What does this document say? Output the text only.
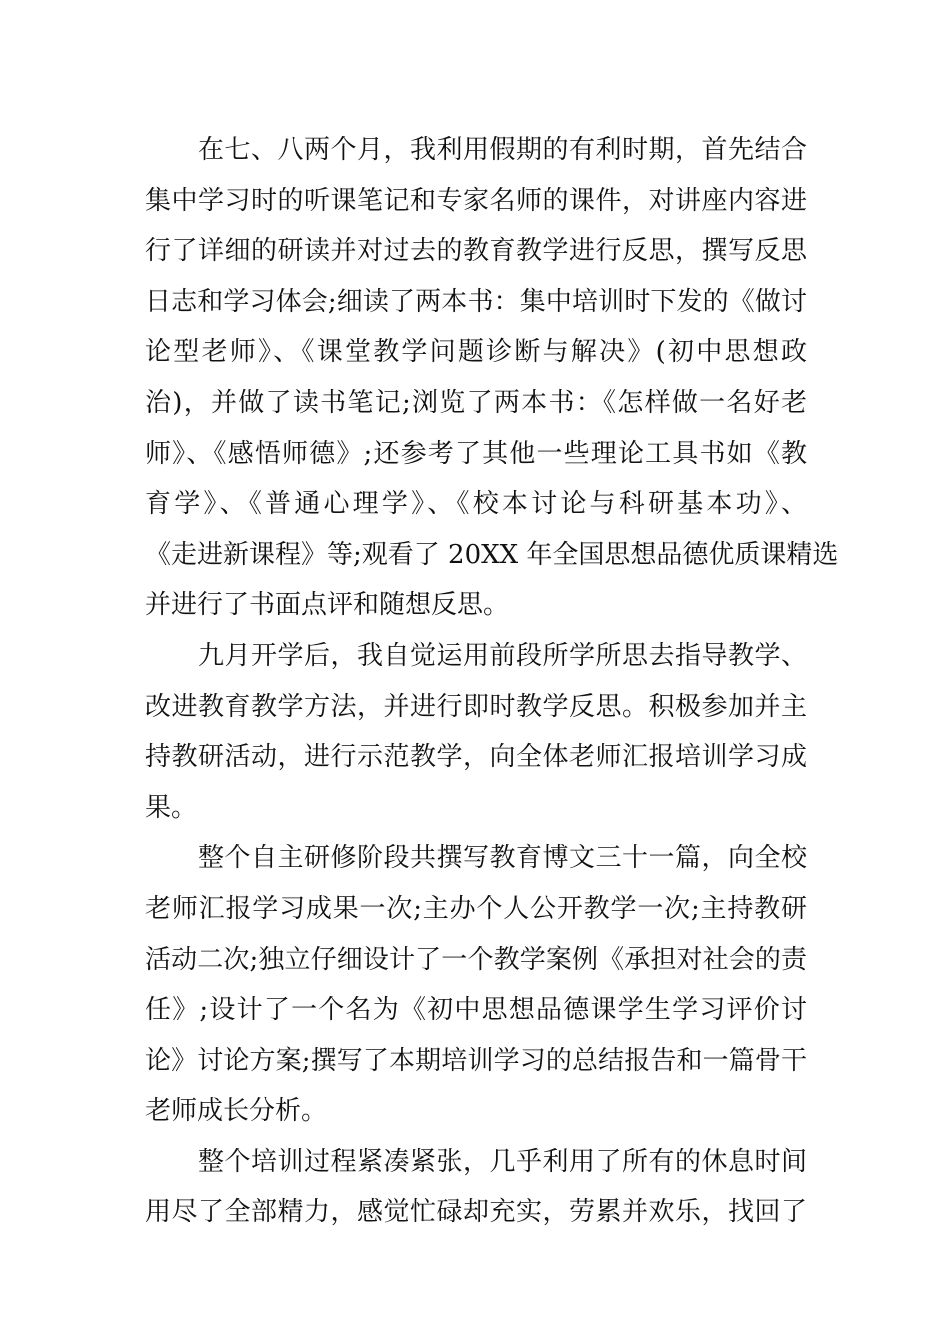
在七、八两个月，我利用假期的有利时期，首先结合
集中学习时的听课笔记和专家名师的课件，对讲座内容进
行了详细的研读并对过去的教育教学进行反思，撰写反思
日志和学习体会;细读了两本书：集中培训时下发的《做讨
论型老师》、《课堂教学问题诊断与解决》(初中思想政
治)，并做了读书笔记;浏览了两本书：《怎样做一名好老
师》、《感悟师德》;还参考了其他一些理论工具书如《教
育学》、《普通心理学》、《校本讨论与科研基本功》、
《走进新课程》等;观看了 20XX 年全国思想品德优质课精选
并进行了书面点评和随想反思。
九月开学后，我自觉运用前段所学所思去指导教学、
改进教育教学方法，并进行即时教学反思。积极参加并主
持教研活动，进行示范教学，向全体老师汇报培训学习成
果。
整个自主研修阶段共撰写教育博文三十一篇，向全校
老师汇报学习成果一次;主办个人公开教学一次;主持教研
活动二次;独立仔细设计了一个教学案例《承担对社会的责
任》;设计了一个名为《初中思想品德课学生学习评价讨
论》讨论方案;撰写了本期培训学习的总结报告和一篇骨干
老师成长分析。
整个培训过程紧凑紧张，几乎利用了所有的休息时间
用尽了全部精力，感觉忙碌却充实，劳累并欢乐，找回了
